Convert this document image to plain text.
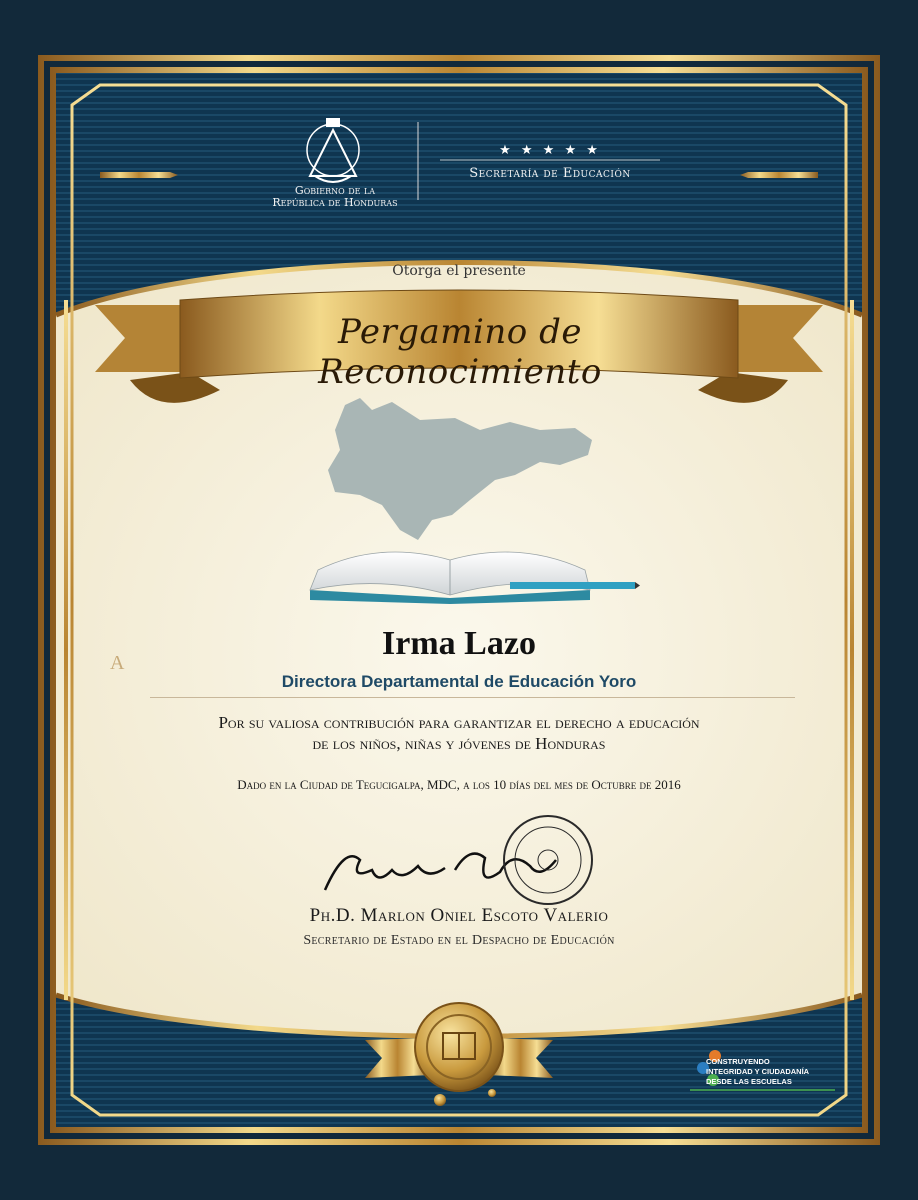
★ ★ ★ ★ ★
Gobierno de la
República de Honduras
Secretaría de Educación
Otorga el presente
Pergamino de Reconocimiento
A
Irma Lazo
Directora Departamental de Educación Yoro
Por su valiosa contribución para garantizar el derecho a educación
de los niños, niñas y jóvenes de Honduras
Dado en la Ciudad de Tegucigalpa, MDC, a los 10 días del mes de Octubre de 2016
Ph.D. Marlon Oniel Escoto Valerio
Secretario de Estado en el Despacho de Educación
CONSTRUYENDO
INTEGRIDAD Y CIUDADANÍA
DESDE LAS ESCUELAS
